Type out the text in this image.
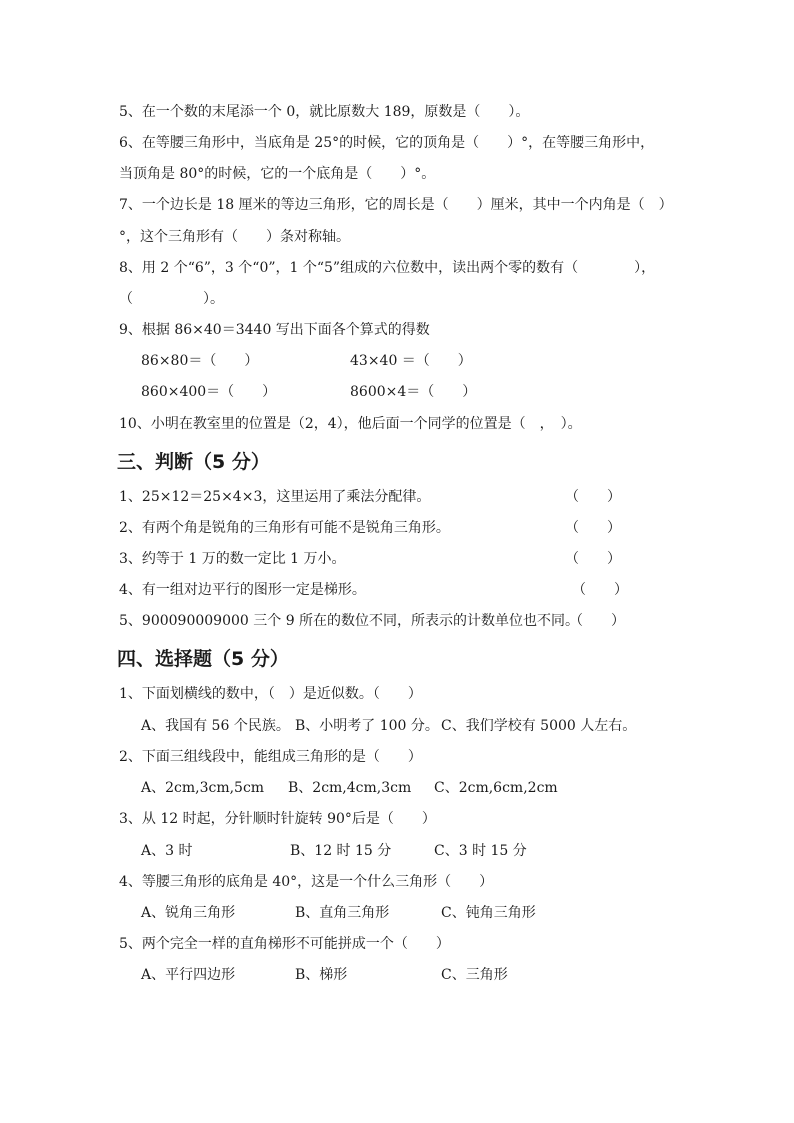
5、在一个数的末尾添一个 0，就比原数大 189，原数是（　　）。
6、在等腰三角形中，当底角是 25°的时候，它的顶角是（　　）°，在等腰三角形中，
当顶角是 80°的时候，它的一个底角是（　　）°。
7、一个边长是 18 厘米的等边三角形，它的周长是（　　）厘米，其中一个内角是（　）
°，这个三角形有（　　）条对称轴。
8、用 2 个“6”，3 个“0”，1 个“5”组成的六位数中，读出两个零的数有（　　　　），
（　　　　　）。
9、根据 86×40＝3440 写出下面各个算式的得数
86×80＝（　　）	43×40 ＝（　　）
860×400＝（　　）	8600×4＝（　　）
10、小明在教室里的位置是（2，4），他后面一个同学的位置是（　，　）。
三、判断（5 分）
1、25×12＝25×4×3，这里运用了乘法分配律。	（　　）
2、有两个角是锐角的三角形有可能不是锐角三角形。	（　　）
3、约等于 1 万的数一定比 1 万小。	（　　）
4、有一组对边平行的图形一定是梯形。	（　　）
5、900090009000 三个 9 所在的数位不同，所表示的计数单位也不同。
（　　）
四、选择题（5 分）
1、下面划横线的数中，（　）是近似数。（　　）
A、我国有 56 个民族。 B、小明考了 100 分。 C、我们学校有 5000 人左右。
2、下面三组线段中，能组成三角形的是（　　）
A、2cm,3cm,5cm B、2cm,4cm,3cm C、2cm,6cm,2cm
3、从 12 时起，分针顺时针旋转 90°后是（　　）
A、3 时	B、12 时 15 分	C、3 时 15 分
4、等腰三角形的底角是 40°，这是一个什么三角形（　　）
A、锐角三角形	B、直角三角形	C、钝角三角形
5、两个完全一样的直角梯形不可能拼成一个（　　）
A、平行四边形	B、梯形	C、三角形
